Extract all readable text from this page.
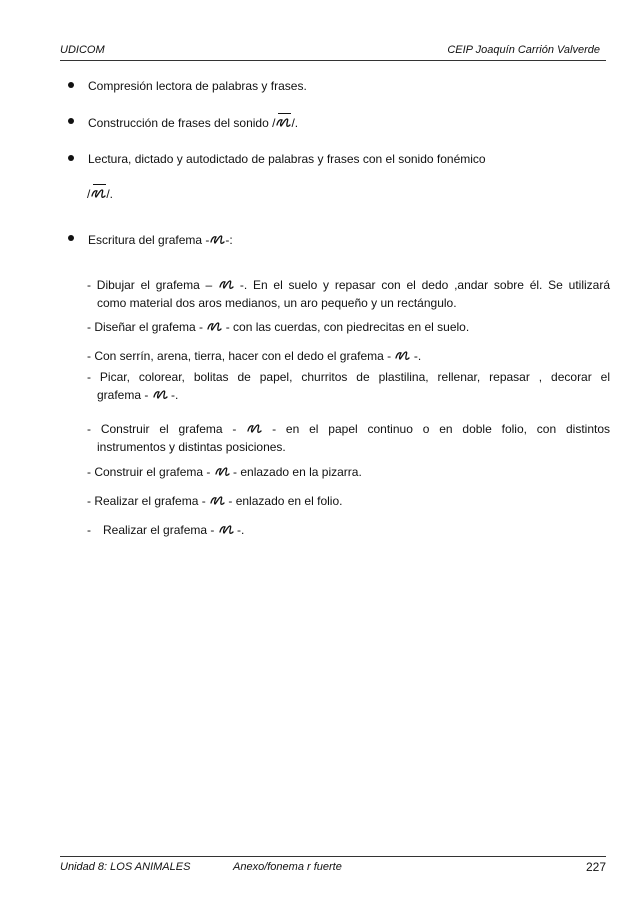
UDICOM	CEIP Joaquín Carrión Valverde
Compresión lectora de palabras y frases.
Construcción de frases del sonido / /.
Lectura, dictado y autodictado de palabras y frases con el sonido fonémico
/ /.
Escritura del grafema - -:
- Dibujar el grafema –  -. En el suelo y repasar con el dedo ,andar sobre él. Se utilizará
como material dos aros medianos, un aro pequeño y un rectángulo.
- Diseñar el grafema -  - con las cuerdas, con piedrecitas en el suelo.
- Con serrín, arena, tierra, hacer con el dedo el grafema -  -.
- Picar, colorear, bolitas de papel, churritos de plastilina, rellenar, repasar , decorar el
grafema -  -.
- Construir el grafema -  - en el papel continuo o en doble folio, con distintos
instrumentos y distintas posiciones.
- Construir el grafema -  - enlazado en la pizarra.
- Realizar el grafema -  - enlazado en el folio.
- Realizar el grafema -  -.
Unidad 8: LOS ANIMALES	Anexo/fonema r fuerte	227
